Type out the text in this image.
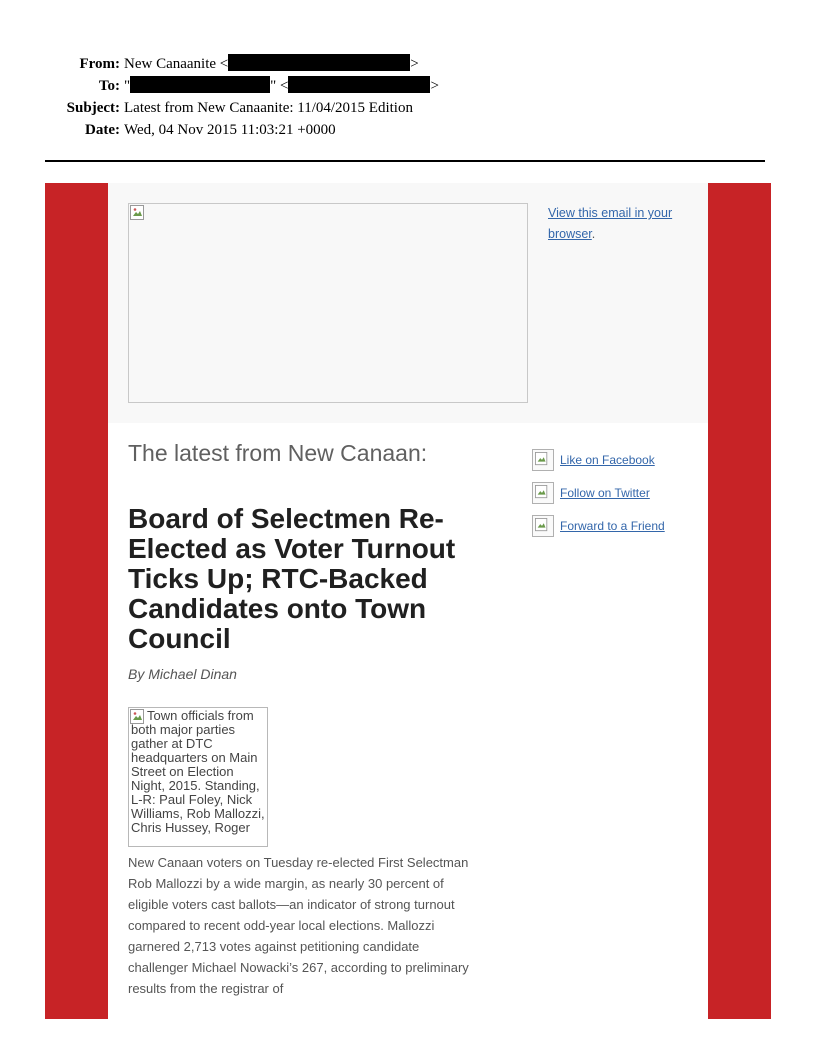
From: New Canaanite <	>
To: "	" <	>
Subject: Latest from New Canaanite: 11/04/2015 Edition
Date: Wed, 04 Nov 2015 11:03:21 +0000
View this email in your browser.
The latest from New Canaan:
Board of Selectmen Re-Elected as Voter Turnout Ticks Up; RTC-Backed Candidates onto Town Council
By Michael Dinan
Town officials from both major parties gather at DTC headquarters on Main Street on Election Night, 2015. Standing, L-R: Paul Foley, Nick Williams, Rob Mallozzi, Chris Hussey, Roger

New Canaan voters on Tuesday re-elected First Selectman Rob Mallozzi by a wide margin, as nearly 30 percent of eligible voters cast ballots—an indicator of strong turnout compared to recent odd-year local elections. Mallozzi garnered 2,713 votes against petitioning candidate challenger Michael Nowacki’s 267, according to preliminary results from the registrar of

Like on Facebook
Follow on Twitter
Forward to a Friend
